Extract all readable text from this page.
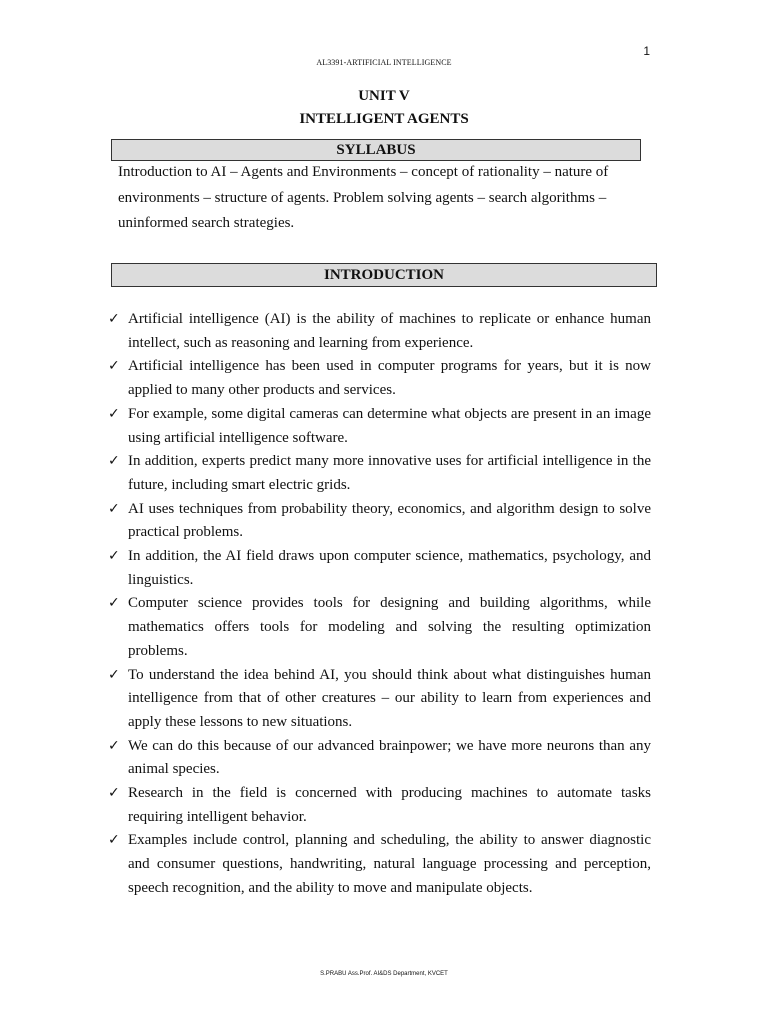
1
AL3391-ARTIFICIAL INTELLIGENCE
UNIT V
INTELLIGENT AGENTS
SYLLABUS
Introduction to AI – Agents and Environments – concept of rationality – nature of environments – structure of agents. Problem solving agents – search algorithms – uninformed search strategies.
INTRODUCTION
✓ Artificial intelligence (AI) is the ability of machines to replicate or enhance human intellect, such as reasoning and learning from experience.
✓ Artificial intelligence has been used in computer programs for years, but it is now applied to many other products and services.
✓ For example, some digital cameras can determine what objects are present in an image using artificial intelligence software.
✓ In addition, experts predict many more innovative uses for artificial intelligence in the future, including smart electric grids.
✓ AI uses techniques from probability theory, economics, and algorithm design to solve practical problems.
✓ In addition, the AI field draws upon computer science, mathematics, psychology, and linguistics.
✓ Computer science provides tools for designing and building algorithms, while mathematics offers tools for modeling and solving the resulting optimization problems.
✓ To understand the idea behind AI, you should think about what distinguishes human intelligence from that of other creatures – our ability to learn from experiences and apply these lessons to new situations.
✓ We can do this because of our advanced brainpower; we have more neurons than any animal species.
✓ Research in the field is concerned with producing machines to automate tasks requiring intelligent behavior.
✓ Examples include control, planning and scheduling, the ability to answer diagnostic and consumer questions, handwriting, natural language processing and perception, speech recognition, and the ability to move and manipulate objects.
S.PRABU Ass.Prof. AI&DS Department, KVCET
